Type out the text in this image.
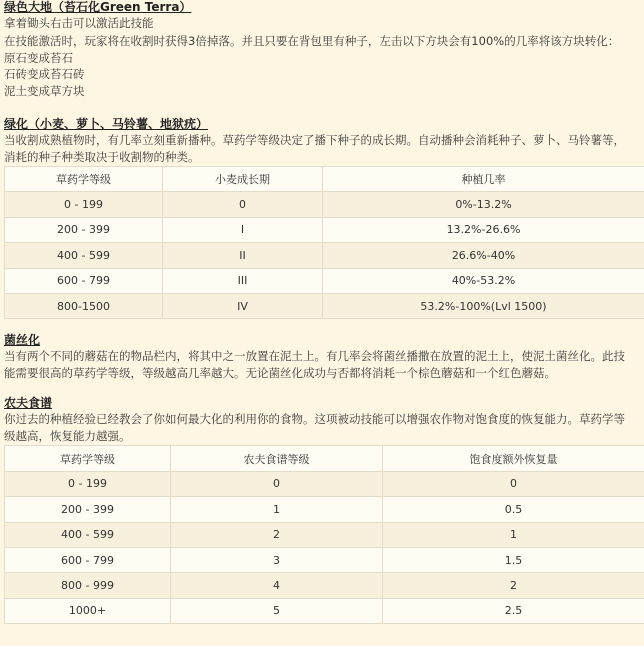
绿色大地（苔石化Green Terra）

拿着锄头右击可以激活此技能

在技能激活时，玩家将在收割时获得3倍掉落。并且只要在背包里有种子，左击以下方块会有100%的几率将该方块转化：

原石变成苔石

石砖变成苔石砖

泥土变成草方块

绿化（小麦、萝卜、马铃薯、地狱疣）

当收割成熟植物时，有几率立刻重新播种。草药学等级决定了播下种子的成长期。自动播种会消耗种子、萝卜、马铃薯等，消耗的种子种类取决于收割物的种类。

草药学等级	小麦成长期	种植几率
0 - 199	0	0%-13.2%
200 - 399	I	13.2%-26.6%
400 - 599	II	26.6%-40%
600 - 799	III	40%-53.2%
800-1500	IV	53.2%-100%(Lvl 1500)

菌丝化

当有两个不同的蘑菇在的物品栏内，将其中之一放置在泥土上。有几率会将菌丝播撒在放置的泥土上，使泥土菌丝化。此技能需要很高的草药学等级，等级越高几率越大。无论菌丝化成功与否都将消耗一个棕色蘑菇和一个红色蘑菇。

农夫食谱

你过去的种植经验已经教会了你如何最大化的利用你的食物。这项被动技能可以增强农作物对饱食度的恢复能力。草药学等级越高，恢复能力越强。

草药学等级	农夫食谱等级	饱食度额外恢复量
0 - 199	0	0
200 - 399	1	0.5
400 - 599	2	1
600 - 799	3	1.5
800 - 999	4	2
1000+	5	2.5
